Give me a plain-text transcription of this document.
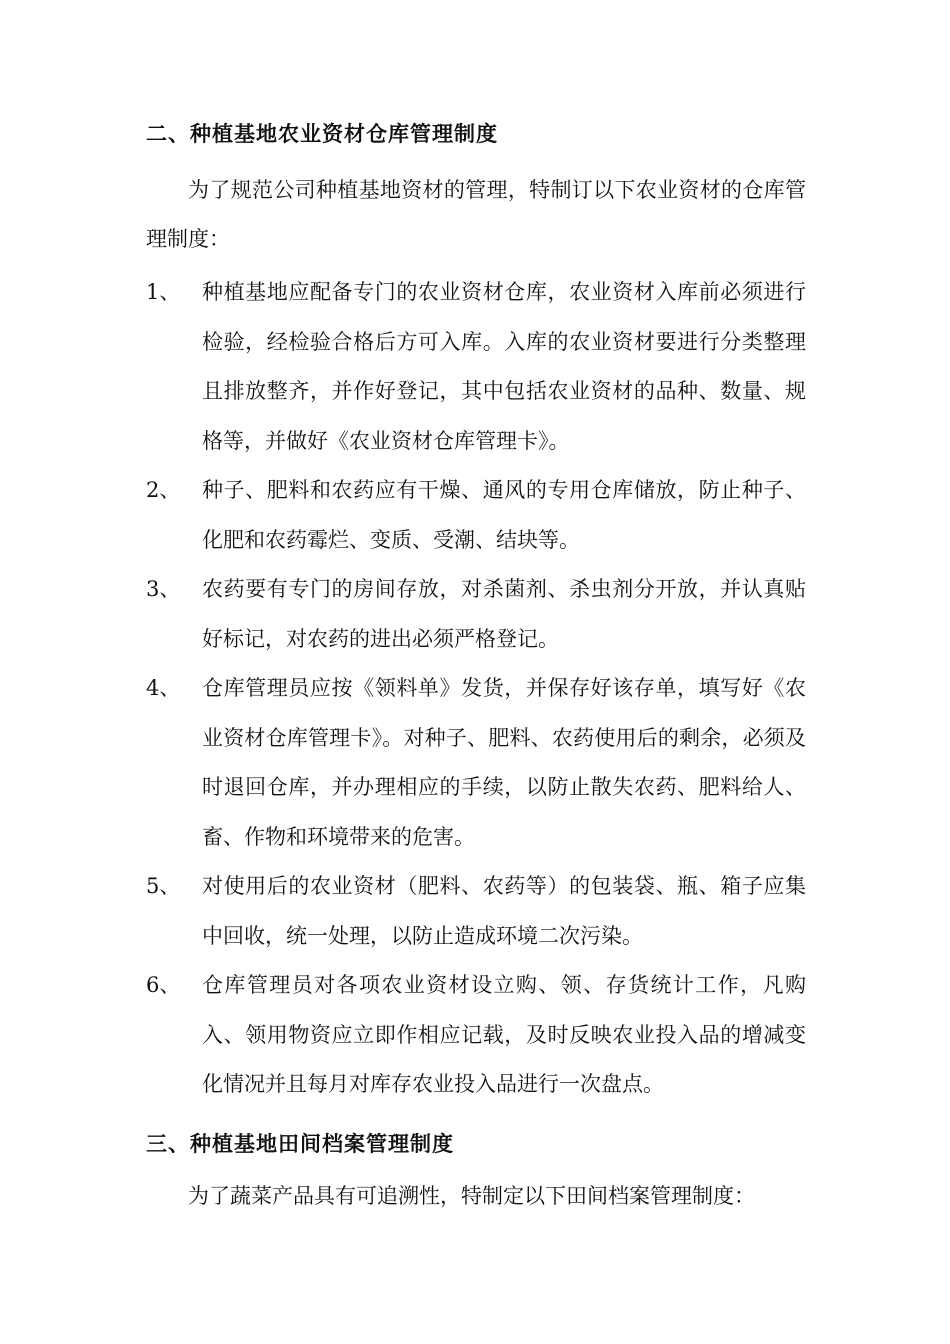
二、种植基地农业资材仓库管理制度

为了规范公司种植基地资材的管理，特制订以下农业资材的仓库管理制度：

1、	种植基地应配备专门的农业资材仓库，农业资材入库前必须进行检验，经检验合格后方可入库。入库的农业资材要进行分类整理且排放整齐，并作好登记，其中包括农业资材的品种、数量、规格等，并做好《农业资材仓库管理卡》。
2、	种子、肥料和农药应有干燥、通风的专用仓库储放，防止种子、化肥和农药霉烂、变质、受潮、结块等。
3、	农药要有专门的房间存放，对杀菌剂、杀虫剂分开放，并认真贴好标记，对农药的进出必须严格登记。
4、	仓库管理员应按《领料单》发货，并保存好该存单，填写好《农业资材仓库管理卡》。对种子、肥料、农药使用后的剩余，必须及时退回仓库，并办理相应的手续，以防止散失农药、肥料给人、畜、作物和环境带来的危害。
5、	对使用后的农业资材（肥料、农药等）的包装袋、瓶、箱子应集中回收，统一处理，以防止造成环境二次污染。
6、	仓库管理员对各项农业资材设立购、领、存货统计工作，凡购入、领用物资应立即作相应记载，及时反映农业投入品的增减变化情况并且每月对库存农业投入品进行一次盘点。
三、种植基地田间档案管理制度

为了蔬菜产品具有可追溯性，特制定以下田间档案管理制度：
